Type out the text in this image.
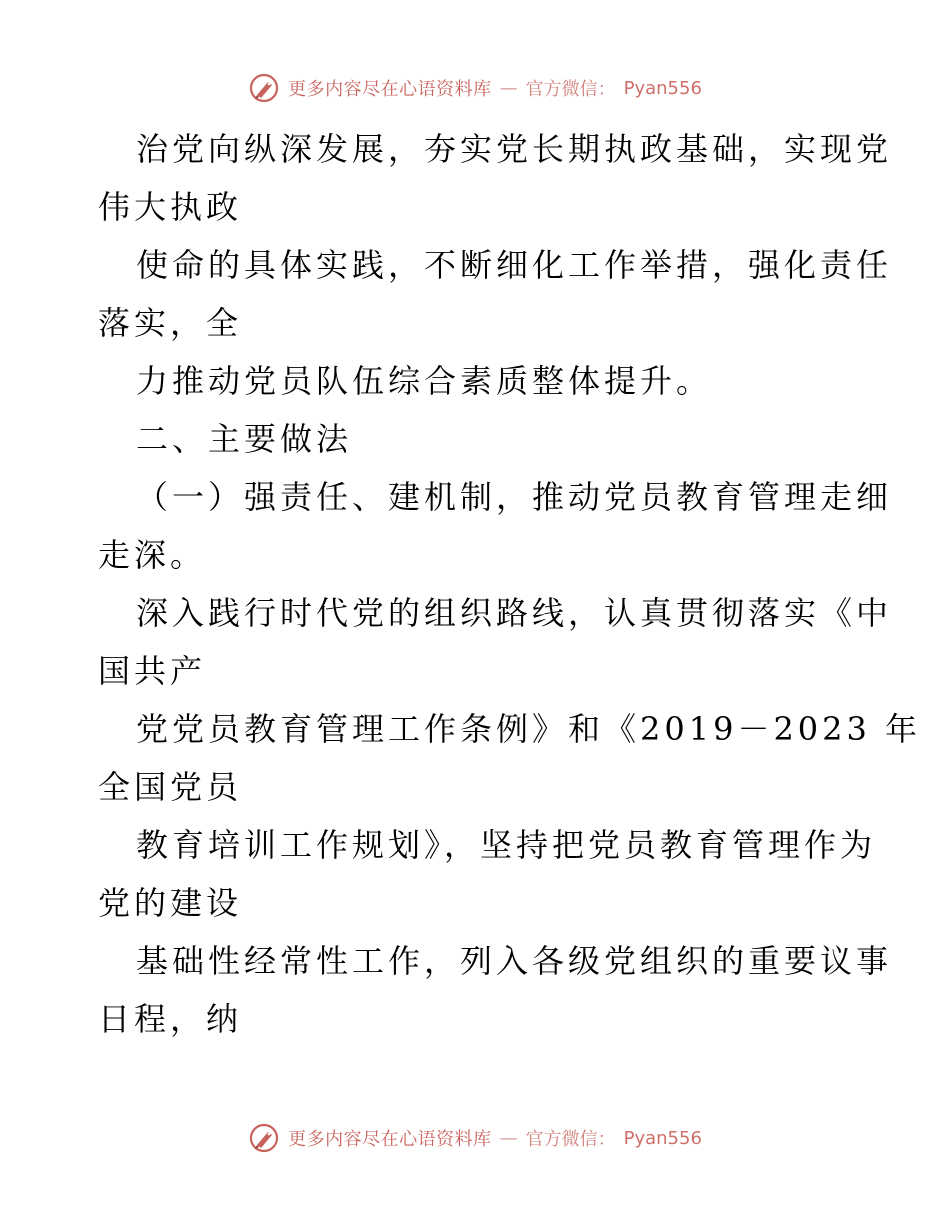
更多内容尽在心语资料库 — 官方微信： Pyan556
治党向纵深发展，夯实党长期执政基础，实现党
伟大执政
使命的具体实践，不断细化工作举措，强化责任
落实，全
力推动党员队伍综合素质整体提升。
二、主要做法
（一）强责任、建机制，推动党员教育管理走细
走深。
深入践行时代党的组织路线，认真贯彻落实《中
国共产
党党员教育管理工作条例》和《2019－2023 年
全国党员
教育培训工作规划》，坚持把党员教育管理作为
党的建设
基础性经常性工作，列入各级党组织的重要议事
日程，纳
更多内容尽在心语资料库 — 官方微信： Pyan556
